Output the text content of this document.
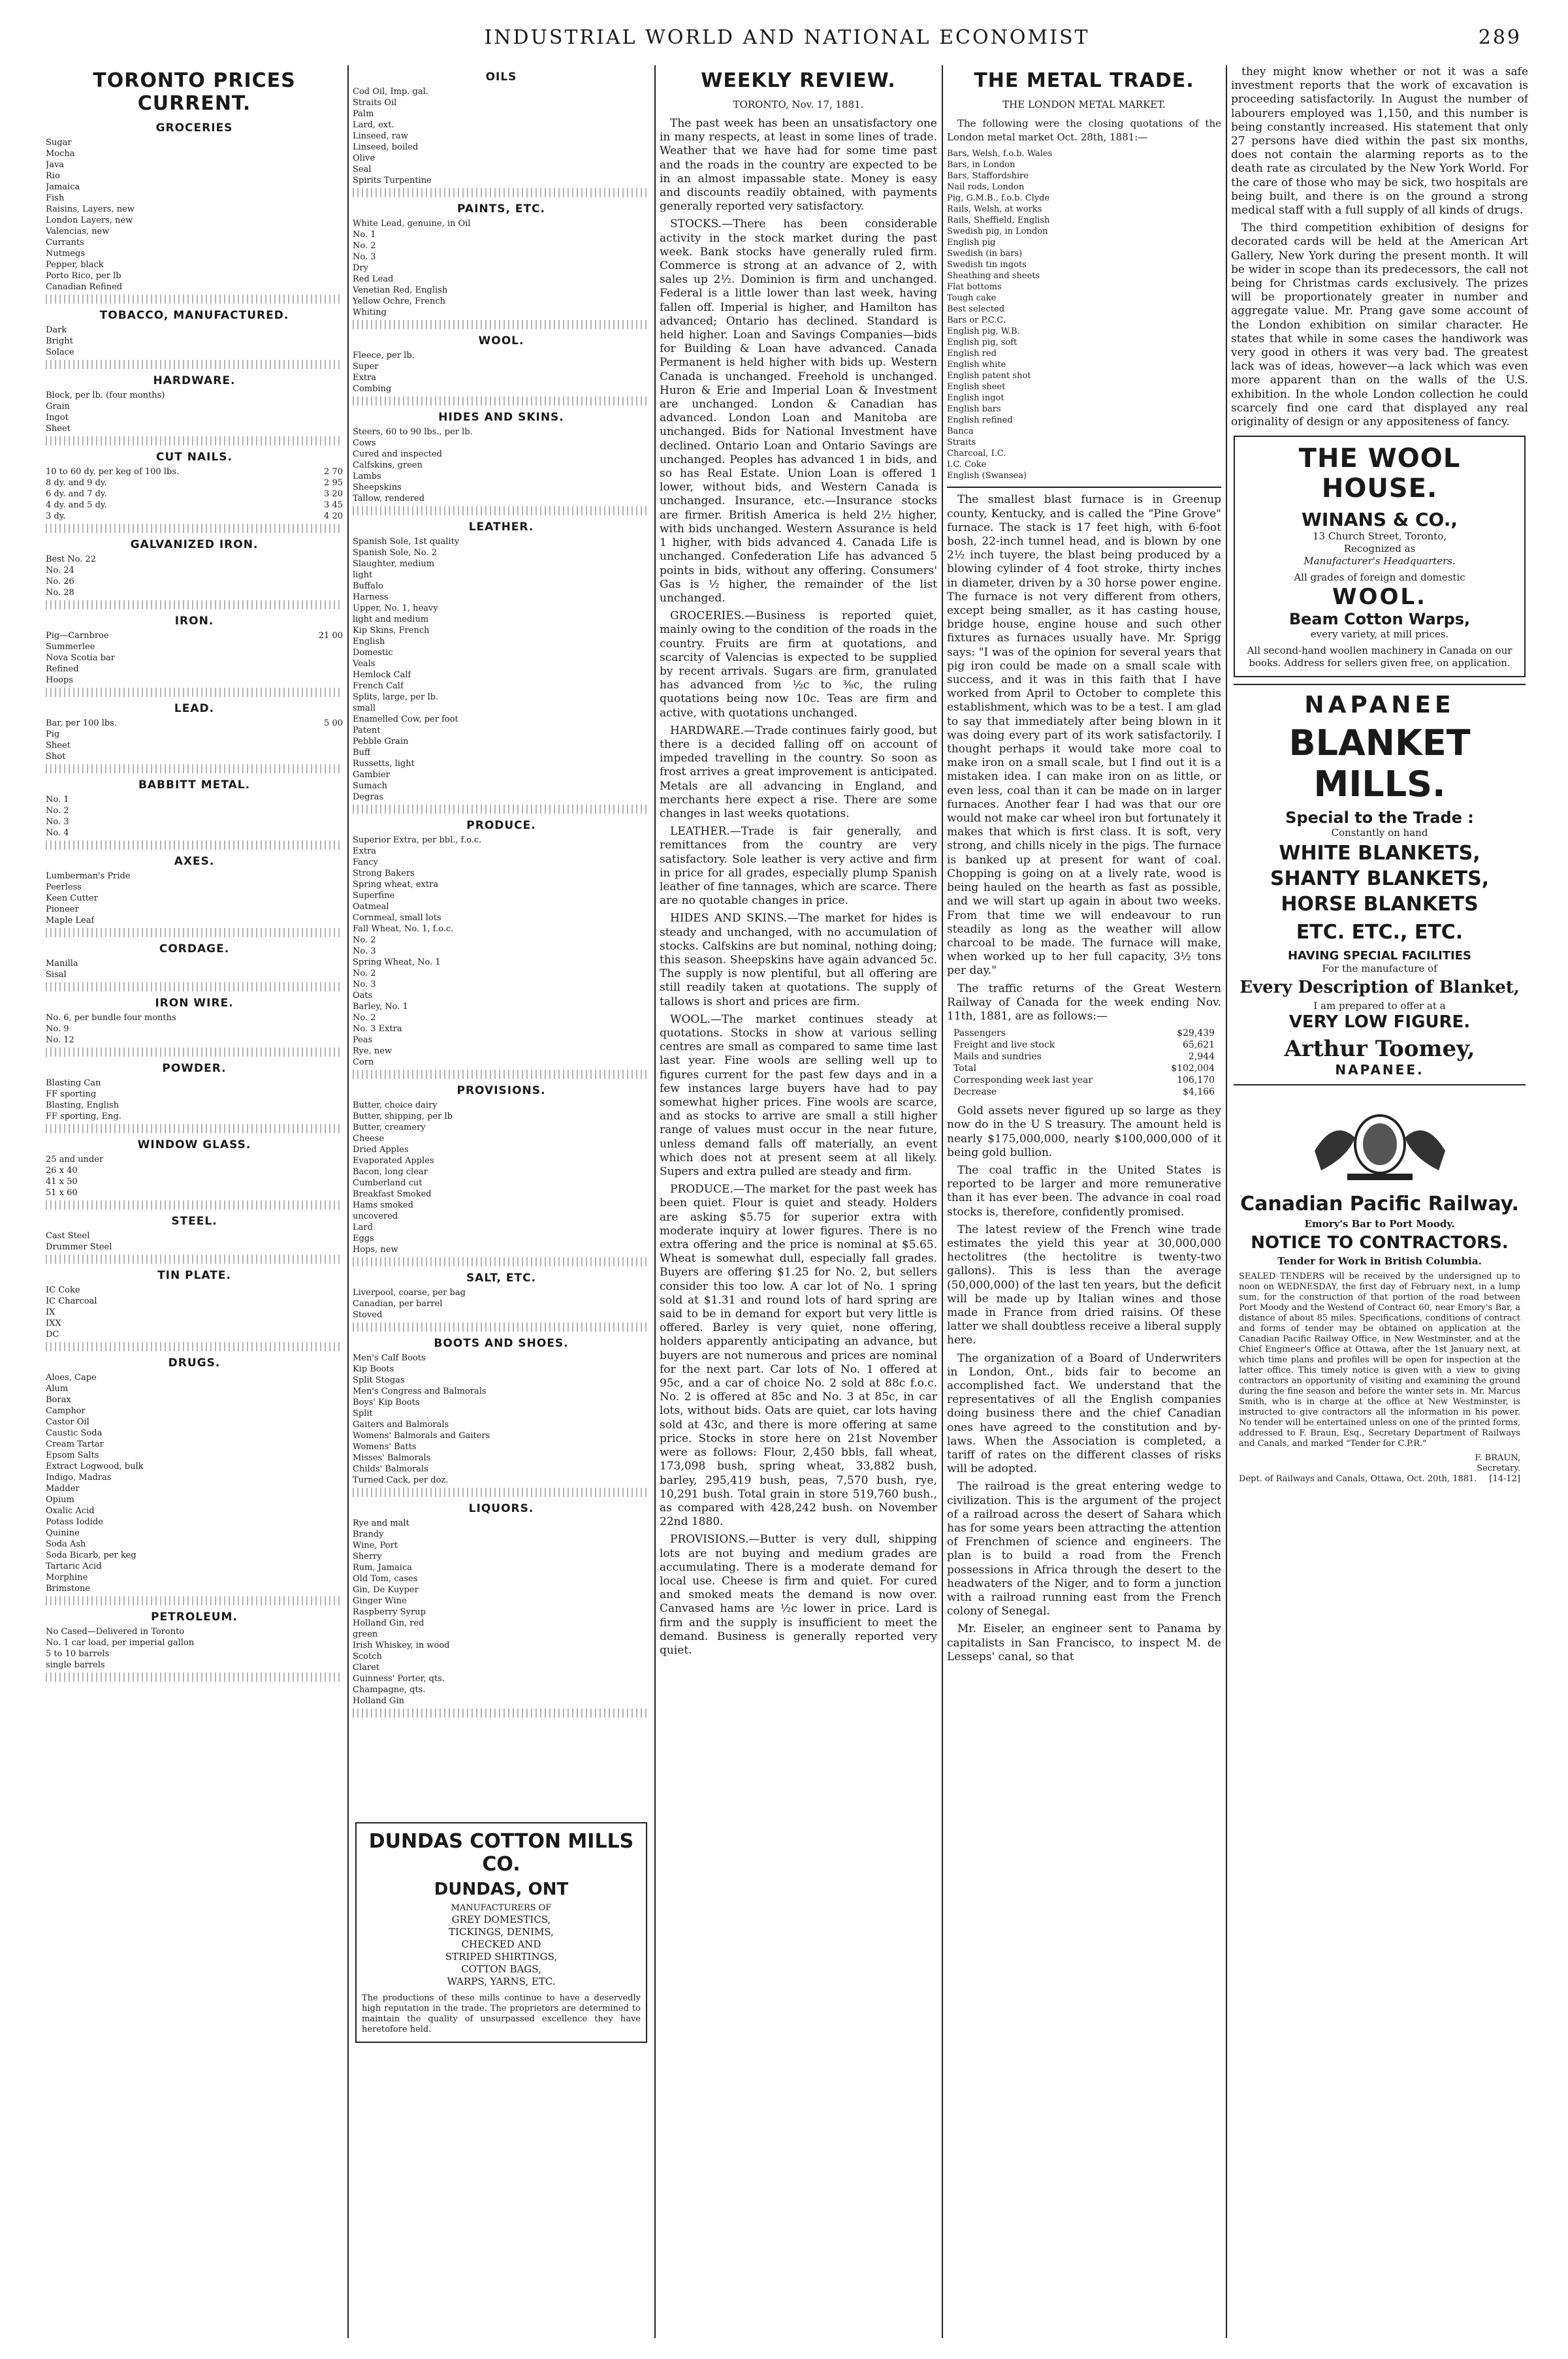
INDUSTRIAL WORLD AND NATIONAL ECONOMIST	289
TORONTO PRICES CURRENT.
GROCERIES
Sugar
Mocha
Java
Rio
Jamaica
Fish
Raisins, Layers, new
London Layers, new
Valencias, new
Currants
Nutmegs
Pepper, black
Porto Rico, per lb
Canadian Refined
TOBACCO, MANUFACTURED.
Dark
Bright
Solace
HARDWARE.
Block, per lb. (four months)
Grain
Ingot
Sheet
CUT NAILS.
10 to 60 dy. per keg of 100 lbs.	2 70
8 dy. and 9 dy.	2 95
6 dy. and 7 dy.	3 20
4 dy. and 5 dy.	3 45
3 dy.	4 20
GALVANIZED IRON.
Best No. 22
No. 24
No. 26
No. 28
IRON.
Pig—Carnbroe	21 00
Summerlee
Nova Scotia bar
Refined
Hoops
LEAD.
Bar, per 100 lbs.	5 00
Pig
Sheet
Shot
BABBITT METAL.
No. 1
No. 2
No. 3
No. 4
AXES.
Lumberman's Pride
Peerless
Keen Cutter
Pioneer
Maple Leaf
CORDAGE.
Manilla
Sisal
IRON WIRE.
No. 6, per bundle four months
No. 9
No. 12
POWDER.
Blasting Can
FF sporting
Blasting, English
FF sporting, Eng.
WINDOW GLASS.
25 and under
26 x 40
41 x 50
51 x 60
STEEL.
Cast Steel
Drummer Steel
TIN PLATE.
IC Coke
IC Charcoal
IX
IXX
DC
DRUGS.
Aloes, Cape
Alum
Borax
Camphor
Castor Oil
Caustic Soda
Cream Tartar
Epsom Salts
Extract Logwood, bulk
Indigo, Madras
Madder
Opium
Oxalic Acid
Potass Iodide
Quinine
Soda Ash
Soda Bicarb, per keg
Tartaric Acid
Morphine
Brimstone
PETROLEUM.
No Cased—Delivered in Toronto
No. 1 car load, per imperial gallon
5 to 10 barrels
single barrels
OILS
Cod Oil, Imp. gal.
Straits Oil
Palm
Lard, ext.
Linseed, raw
Linseed, boiled
Olive
Seal
Spirits Turpentine
PAINTS, ETC.
White Lead, genuine, in Oil
No. 1
No. 2
No. 3
Dry
Red Lead
Venetian Red, English
Yellow Ochre, French
Whiting
WOOL.
Fleece, per lb.
Super
Extra
Combing
HIDES AND SKINS.
Steers, 60 to 90 lbs., per lb.
Cows
Cured and inspected
Calfskins, green
Lambs
Sheepskins
Tallow, rendered
LEATHER.
Spanish Sole, 1st quality
Spanish Sole, No. 2
Slaughter, medium
light
Buffalo
Harness
Upper, No. 1, heavy
light and medium
Kip Skins, French
English
Domestic
Veals
Hemlock Calf
French Calf
Splits, large, per lb.
small
Enamelled Cow, per foot
Patent
Pebble Grain
Buff
Russetts, light
Gambier
Sumach
Degras
PRODUCE.
Superior Extra, per bbl., f.o.c.
Extra
Fancy
Strong Bakers
Spring wheat, extra
Superfine
Oatmeal
Cornmeal, small lots
Fall Wheat, No. 1, f.o.c.
No. 2
No. 3
Spring Wheat, No. 1
No. 2
No. 3
Oats
Barley, No. 1
No. 2
No. 3 Extra
Peas
Rye, new
Corn
PROVISIONS.
Butter, choice dairy
Butter, shipping, per lb
Butter, creamery
Cheese
Dried Apples
Evaporated Apples
Bacon, long clear
Cumberland cut
Breakfast Smoked
Hams smoked
uncovered
Lard
Eggs
Hops, new
SALT, ETC.
Liverpool, coarse, per bag
Canadian, per barrel
Stoved
BOOTS AND SHOES.
Men's Calf Boots
Kip Boots
Split Stogas
Men's Congress and Balmorals
Boys' Kip Boots
Split
Gaiters and Balmorals
Womens' Balmorals and Gaiters
Womens' Batts
Misses' Balmorals
Childs' Balmorals
Turned Cack, per doz.
LIQUORS.
Rye and malt
Brandy
Wine, Port
Sherry
Rum, Jamaica
Old Tom, cases
Gin, De Kuyper
Ginger Wine
Raspberry Syrup
Holland Gin, red
green
Irish Whiskey, in wood
Scotch
Claret
Guinness' Porter, qts.
Champagne, qts.
Holland Gin
DUNDAS COTTON MILLS CO.
DUNDAS, ONT
MANUFACTURERS OF
GREY DOMESTICS,
TICKINGS, DENIMS,
CHECKED AND
STRIPED SHIRTINGS,
COTTON BAGS,
WARPS, YARNS, ETC.

The productions of these mills continue to have a deservedly high reputation in the trade. The proprietors are determined to maintain the quality of unsurpassed excellence they have heretofore held.

WEEKLY REVIEW.
TORONTO, Nov. 17, 1881.

The past week has been an unsatisfactory one in many respects, at least in some lines of trade. Weather that we have had for some time past and the roads in the country are expected to be in an almost impassable state. Money is easy and discounts readily obtained, with payments generally reported very satisfactory.

STOCKS.—There has been considerable activity in the stock market during the past week. Bank stocks have generally ruled firm. Commerce is strong at an advance of 2, with sales up 2½. Dominion is firm and unchanged. Federal is a little lower than last week, having fallen off. Imperial is higher, and Hamilton has advanced; Ontario has declined. Standard is held higher. Loan and Savings Companies—bids for Building & Loan have advanced. Canada Permanent is held higher with bids up. Western Canada is unchanged. Freehold is unchanged. Huron & Erie and Imperial Loan & Investment are unchanged. London & Canadian has advanced. London Loan and Manitoba are unchanged. Bids for National Investment have declined. Ontario Loan and Ontario Savings are unchanged. Peoples has advanced 1 in bids, and so has Real Estate. Union Loan is offered 1 lower, without bids, and Western Canada is unchanged. Insurance, etc.—Insurance stocks are firmer. British America is held 2½ higher, with bids unchanged. Western Assurance is held 1 higher, with bids advanced 4. Canada Life is unchanged. Confederation Life has advanced 5 points in bids, without any offering. Consumers' Gas is ½ higher, the remainder of the list unchanged.

GROCERIES.—Business is reported quiet, mainly owing to the condition of the roads in the country. Fruits are firm at quotations, and scarcity of Valencias is expected to be supplied by recent arrivals. Sugars are firm, granulated has advanced from ½c to ⅜c, the ruling quotations being now 10c. Teas are firm and active, with quotations unchanged.

HARDWARE.—Trade continues fairly good, but there is a decided falling off on account of impeded travelling in the country. So soon as frost arrives a great improvement is anticipated. Metals are all advancing in England, and merchants here expect a rise. There are some changes in last weeks quotations.

LEATHER.—Trade is fair generally, and remittances from the country are very satisfactory. Sole leather is very active and firm in price for all grades, especially plump Spanish leather of fine tannages, which are scarce. There are no quotable changes in price.

HIDES AND SKINS.—The market for hides is steady and unchanged, with no accumulation of stocks. Calfskins are but nominal, nothing doing; this season. Sheepskins have again advanced 5c. The supply is now plentiful, but all offering are still readily taken at quotations. The supply of tallows is short and prices are firm.

WOOL.—The market continues steady at quotations. Stocks in show at various selling centres are small as compared to same time last last year. Fine wools are selling well up to figures current for the past few days and in a few instances large buyers have had to pay somewhat higher prices. Fine wools are scarce, and as stocks to arrive are small a still higher range of values must occur in the near future, unless demand falls off materially, an event which does not at present seem at all likely. Supers and extra pulled are steady and firm.

PRODUCE.—The market for the past week has been quiet. Flour is quiet and steady. Holders are asking $5.75 for superior extra with moderate inquiry at lower figures. There is no extra offering and the price is nominal at $5.65. Wheat is somewhat dull, especially fall grades. Buyers are offering $1.25 for No. 2, but sellers consider this too low. A car lot of No. 1 spring sold at $1.31 and round lots of hard spring are said to be in demand for export but very little is offered. Barley is very quiet, none offering, holders apparently anticipating an advance, but buyers are not numerous and prices are nominal for the next part. Car lots of No. 1 offered at 95c, and a car of choice No. 2 sold at 88c f.o.c. No. 2 is offered at 85c and No. 3 at 85c, in car lots, without bids. Oats are quiet, car lots having sold at 43c, and there is more offering at same price. Stocks in store here on 21st November were as follows: Flour, 2,450 bbls, fall wheat, 173,098 bush, spring wheat, 33,882 bush, barley, 295,419 bush, peas, 7,570 bush, rye, 10,291 bush. Total grain in store 519,760 bush., as compared with 428,242 bush. on November 22nd 1880.

PROVISIONS.—Butter is very dull, shipping lots are not buying and medium grades are accumulating. There is a moderate demand for local use. Cheese is firm and quiet. For cured and smoked meats the demand is now over. Canvased hams are ½c lower in price. Lard is firm and the supply is insufficient to meet the demand. Business is generally reported very quiet.

THE METAL TRADE.
THE LONDON METAL MARKET.

The following were the closing quotations of the London metal market Oct. 28th, 1881:—

Bars, Welsh, f.o.b. Wales
Bars, in London
Bars, Staffordshire
Nail rods, London
Pig, G.M.B., f.o.b. Clyde
Rails, Welsh, at works
Rails, Sheffield, English
Swedish pig, in London
English pig
Swedish (in bars)
Swedish tin ingots
Sheathing and sheets
Flat bottoms
Tough cake
Best selected
Bars or P.C.C.
English pig, W.B.
English pig, soft
English red
English white
English patent shot
English sheet
English ingot
English bars
English refined
Banca
Straits
Charcoal, I.C.
I.C. Coke
English (Swansea)

The smallest blast furnace is in Greenup county, Kentucky, and is called the "Pine Grove" furnace. The stack is 17 feet high, with 6-foot bosh, 22-inch tunnel head, and is blown by one 2½ inch tuyere, the blast being produced by a blowing cylinder of 4 foot stroke, thirty inches in diameter, driven by a 30 horse power engine. The furnace is not very different from others, except being smaller, as it has casting house, bridge house, engine house and such other fixtures as furnaces usually have. Mr. Sprigg says: "I was of the opinion for several years that pig iron could be made on a small scale with success, and it was in this faith that I have worked from April to October to complete this establishment, which was to be a test. I am glad to say that immediately after being blown in it was doing every part of its work satisfactorily. I thought perhaps it would take more coal to make iron on a small scale, but I find out it is a mistaken idea. I can make iron on as little, or even less, coal than it can be made on in larger furnaces. Another fear I had was that our ore would not make car wheel iron but fortunately it makes that which is first class. It is soft, very strong, and chills nicely in the pigs. The furnace is banked up at present for want of coal. Chopping is going on at a lively rate, wood is being hauled on the hearth as fast as possible, and we will start up again in about two weeks. From that time we will endeavour to run steadily as long as the weather will allow charcoal to be made. The furnace will make, when worked up to her full capacity, 3½ tons per day."

The traffic returns of the Great Western Railway of Canada for the week ending Nov. 11th, 1881, are as follows:—

Passengers	$29,439
Freight and live stock	65,621
Mails and sundries	2,944
Total	$102,004
Corresponding week last year	106,170
Decrease	$4,166

Gold assets never figured up so large as they now do in the U S treasury. The amount held is nearly $175,000,000, nearly $100,000,000 of it being gold bullion.

The coal traffic in the United States is reported to be larger and more remunerative than it has ever been. The advance in coal road stocks is, therefore, confidently promised.

The latest review of the French wine trade estimates the yield this year at 30,000,000 hectolitres (the hectolitre is twenty-two gallons). This is less than the average (50,000,000) of the last ten years, but the deficit will be made up by Italian wines and those made in France from dried raisins. Of these latter we shall doubtless receive a liberal supply here.

The organization of a Board of Underwriters in London, Ont., bids fair to become an accomplished fact. We understand that the representatives of all the English companies doing business there and the chief Canadian ones have agreed to the constitution and by-laws. When the Association is completed, a tariff of rates on the different classes of risks will be adopted.

The railroad is the great entering wedge to civilization. This is the argument of the project of a railroad across the desert of Sahara which has for some years been attracting the attention of Frenchmen of science and engineers. The plan is to build a road from the French possessions in Africa through the desert to the headwaters of the Niger, and to form a junction with a railroad running east from the French colony of Senegal.

Mr. Eiseler, an engineer sent to Panama by capitalists in San Francisco, to inspect M. de Lesseps' canal, so that

they might know whether or not it was a safe investment reports that the work of excavation is proceeding satisfactorily. In August the number of labourers employed was 1,150, and this number is being constantly increased. His statement that only 27 persons have died within the past six months, does not contain the alarming reports as to the death rate as circulated by the New York World. For the care of those who may be sick, two hospitals are being built, and there is on the ground a strong medical staff with a full supply of all kinds of drugs.

The third competition exhibition of designs for decorated cards will be held at the American Art Gallery, New York during the present month. It will be wider in scope than its predecessors, the call not being for Christmas cards exclusively. The prizes will be proportionately greater in number and aggregate value. Mr. Prang gave some account of the London exhibition on similar character. He states that while in some cases the handiwork was very good in others it was very bad. The greatest lack was of ideas, however—a lack which was even more apparent than on the walls of the U.S. exhibition. In the whole London collection he could scarcely find one card that displayed any real originality of design or any appositeness of fancy.

THE WOOL HOUSE.
WINANS & CO.,
13 Church Street, Toronto,
Recognized as
Manufacturer's Headquarters.
All grades of foreign and domestic
WOOL.
Beam Cotton Warps,
every variety, at mill prices.
All second-hand woollen machinery in Canada on our books. Address for sellers given free, on application.
NAPANEE
BLANKET MILLS.
Special to the Trade :
Constantly on hand
WHITE BLANKETS,
SHANTY BLANKETS,
HORSE BLANKETS
ETC. ETC., ETC.
HAVING SPECIAL FACILITIES
For the manufacture of
Every Description of Blanket,
I am prepared to offer at a
VERY LOW FIGURE.
Arthur Toomey,
NAPANEE.
Canadian Pacific Railway.
Emory's Bar to Port Moody.
NOTICE TO CONTRACTORS.
Tender for Work in British Columbia.

SEALED TENDERS will be received by the undersigned up to noon on WEDNESDAY, the first day of February next, in a lump sum, for the construction of that portion of the road between Port Moody and the Westend of Contract 60, near Emory's Bar, a distance of about 85 miles. Specifications, conditions of contract and forms of tender may be obtained on application at the Canadian Pacific Railway Office, in New Westminster, and at the Chief Engineer's Office at Ottawa, after the 1st January next, at which time plans and profiles will be open for inspection at the latter office. This timely notice is given with a view to giving contractors an opportunity of visiting and examining the ground during the fine season and before the winter sets in. Mr. Marcus Smith, who is in charge at the office at New Westminster, is instructed to give contractors all the information in his power. No tender will be entertained unless on one of the printed forms, addressed to F. Braun, Esq., Secretary Department of Railways and Canals, and marked "Tender for C.P.R."

F. BRAUN,
Secretary.
Dept. of Railways and Canals, Ottawa, Oct. 20th, 1881. [14-12]
